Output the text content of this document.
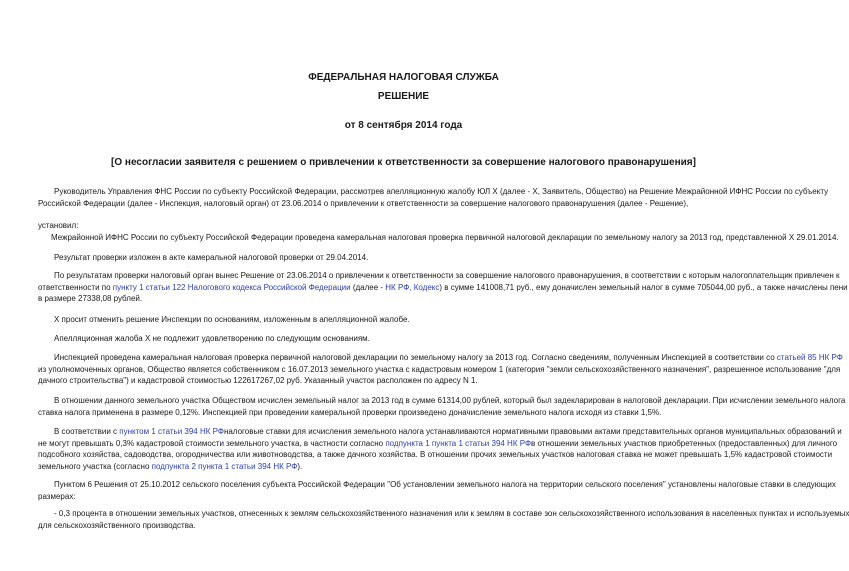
ФЕДЕРАЛЬНАЯ НАЛОГОВАЯ СЛУЖБА
РЕШЕНИЕ
от 8 сентября 2014 года
[О несогласии заявителя с решением о привлечении к ответственности за совершение налогового правонарушения]
Руководитель Управления ФНС России по субъекту Российской Федерации, рассмотрев апелляционную жалобу ЮЛ Х (далее - Х, Заявитель, Общество) на Решение Межрайонной ИФНС России по субъекту
Российской Федерации (далее - Инспекция, налоговый орган) от 23.06.2014 о привлечении к ответственности за совершение налогового правонарушения (далее - Решение),
установил:
Межрайонной ИФНС России по субъекту Российской Федерации проведена камеральная налоговая проверка первичной налоговой декларации по земельному налогу за 2013 год, представленной Х 29.01.2014.
Результат проверки изложен в акте камеральной налоговой проверки от 29.04.2014.
По результатам проверки налоговый орган вынес Решение от 23.06.2014 о привлечении к ответственности за совершение налогового правонарушения, в соответствии с которым налогоплательщик привлечен к
ответственности по пункту 1 статьи 122 Налогового кодекса Российской Федерации (далее - НК РФ, Кодекс) в сумме 141008,71 руб., ему доначислен земельный налог в сумме 705044,00 руб., а также начислены пени
в размере 27338,08 рублей.
Х просит отменить решение Инспекции по основаниям, изложенным в апелляционной жалобе.
Апелляционная жалоба Х не подлежит удовлетворению по следующим основаниям.
Инспекцией проведена камеральная налоговая проверка первичной налоговой декларации по земельному налогу за 2013 год. Согласно сведениям, полученным Инспекцией в соответствии со статьей 85 НК РФ
из уполномоченных органов, Общество является собственником с 16.07.2013 земельного участка с кадастровым номером 1 (категория "земли сельскохозяйственного назначения", разрешенное использование "для
дачного строительства") и кадастровой стоимостью 122617267,02 руб. Указанный участок расположен по адресу N 1.
В отношении данного земельного участка Обществом исчислен земельный налог за 2013 год в сумме 61314,00 рублей, который был задекларирован в налоговой декларации. При исчислении земельного налога
ставка налога применена в размере 0,12%. Инспекцией при проведении камеральной проверки произведено доначисление земельного налога исходя из ставки 1,5%.
В соответствии с пунктом 1 статьи 394 НК РФналоговые ставки для исчисления земельного налога устанавливаются нормативными правовыми актами представительных органов муниципальных образований и
не могут превышать 0,3% кадастровой стоимости земельного участка, в частности согласно подпункта 1 пункта 1 статьи 394 НК РФв отношении земельных участков приобретенных (предоставленных) для личного
подсобного хозяйства, садоводства, огородничества или животноводства, а также дачного хозяйства. В отношении прочих земельных участков налоговая ставка не может превышать 1,5% кадастровой стоимости
земельного участка (согласно подпункта 2 пункта 1 статьи 394 НК РФ).
Пунктом 6 Решения от 25.10.2012 сельского поселения субъекта Российской Федерации "Об установлении земельного налога на территории сельского поселения" установлены налоговые ставки в следующих
размерах:
- 0,3 процента в отношении земельных участков, отнесенных к землям сельскохозяйственного назначения или к землям в составе зон сельскохозяйственного использования в населенных пунктах и используемых
для сельскохозяйственного производства.
